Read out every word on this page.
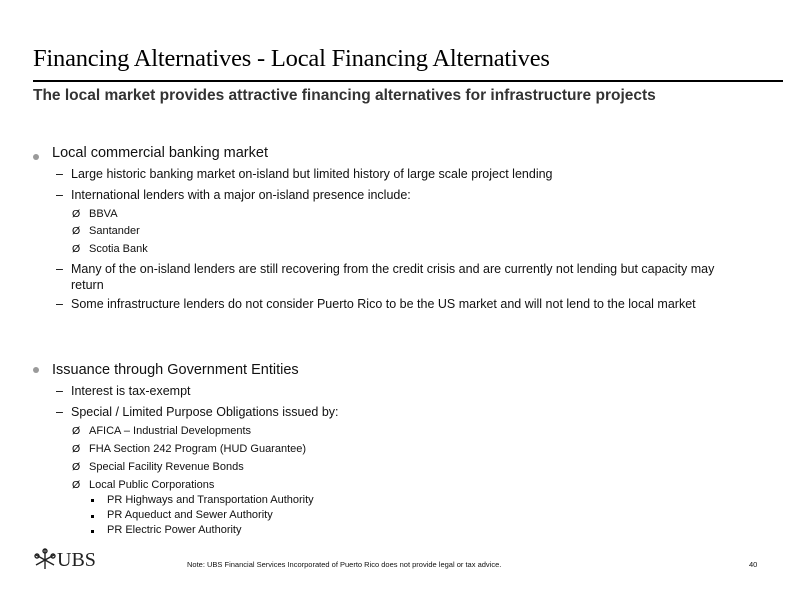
Financing Alternatives - Local Financing Alternatives
The local market provides attractive financing alternatives for infrastructure projects
Local commercial banking market
– Large historic banking market on-island but limited history of large scale project lending
– International lenders with a major on-island presence include:
Ø BBVA
Ø Santander
Ø Scotia Bank
– Many of the on-island lenders are still recovering from the credit crisis and are currently not lending but capacity may return
– Some infrastructure lenders do not consider Puerto Rico to be the US market and will not lend to the local market
Issuance through Government Entities
– Interest is tax-exempt
– Special / Limited Purpose Obligations issued by:
Ø AFICA – Industrial Developments
Ø FHA Section 242 Program (HUD Guarantee)
Ø Special Facility Revenue Bonds
Ø Local Public Corporations
PR Highways and Transportation Authority
PR Aqueduct and Sewer Authority
PR Electric Power Authority
UBS	Note: UBS Financial Services Incorporated of Puerto Rico does not provide legal or tax advice.	40
